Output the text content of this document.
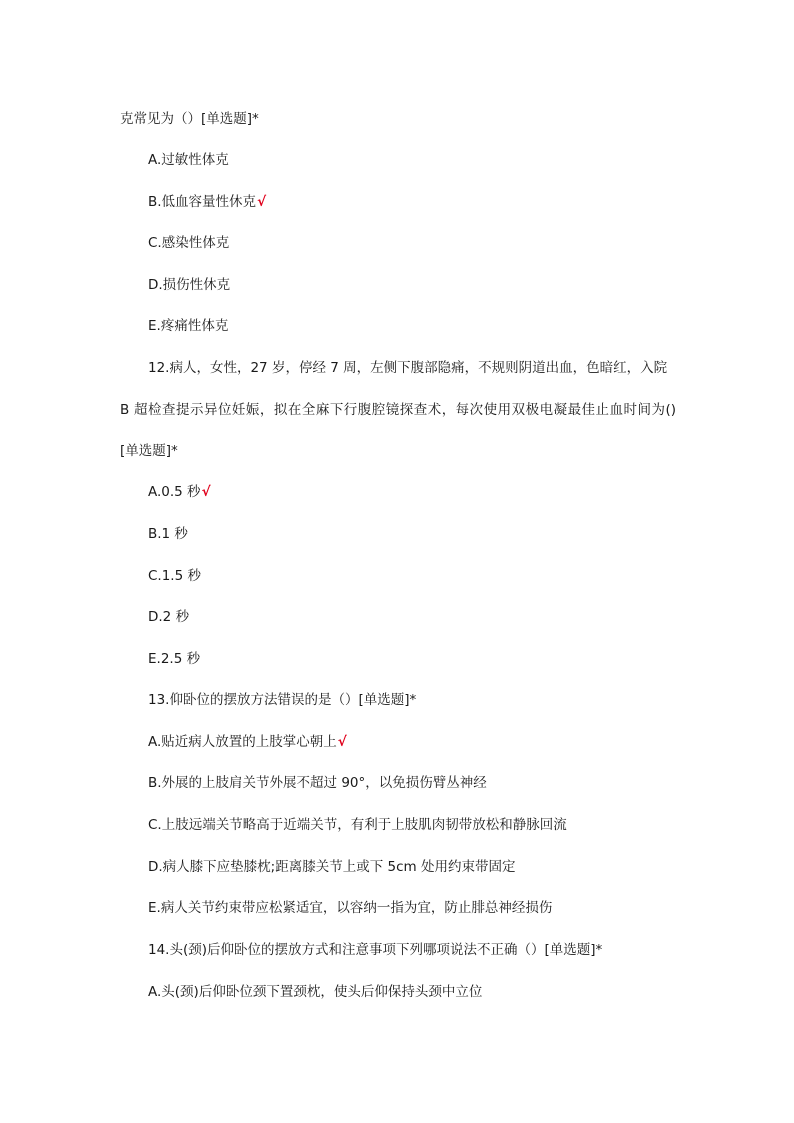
克常见为（）[单选题]*
A.过敏性体克
B.低血容量性休克√
C.感染性体克
D.损伤性休克
E.疼痛性体克
12.病人，女性，27 岁，停经 7 周，左侧下腹部隐痛，不规则阴道出血，色暗红，入院
B 超检查提示异位妊娠，拟在全麻下行腹腔镜探查术，每次使用双极电凝最佳止血时间为()
[单选题]*
A.0.5 秒√
B.1 秒
C.1.5 秒
D.2 秒
E.2.5 秒
13.仰卧位的摆放方法错误的是（）[单选题]*
A.贴近病人放置的上肢掌心朝上√
B.外展的上肢肩关节外展不超过 90°，以免损伤臂丛神经
C.上肢远端关节略高于近端关节，有利于上肢肌肉韧带放松和静脉回流
D.病人膝下应垫膝枕;距离膝关节上或下 5cm 处用约束带固定
E.病人关节约束带应松紧适宜，以容纳一指为宜，防止腓总神经损伤
14.头(颈)后仰卧位的摆放方式和注意事项下列哪项说法不正确（）[单选题]*
A.头(颈)后仰卧位颈下置颈枕，使头后仰保持头颈中立位
